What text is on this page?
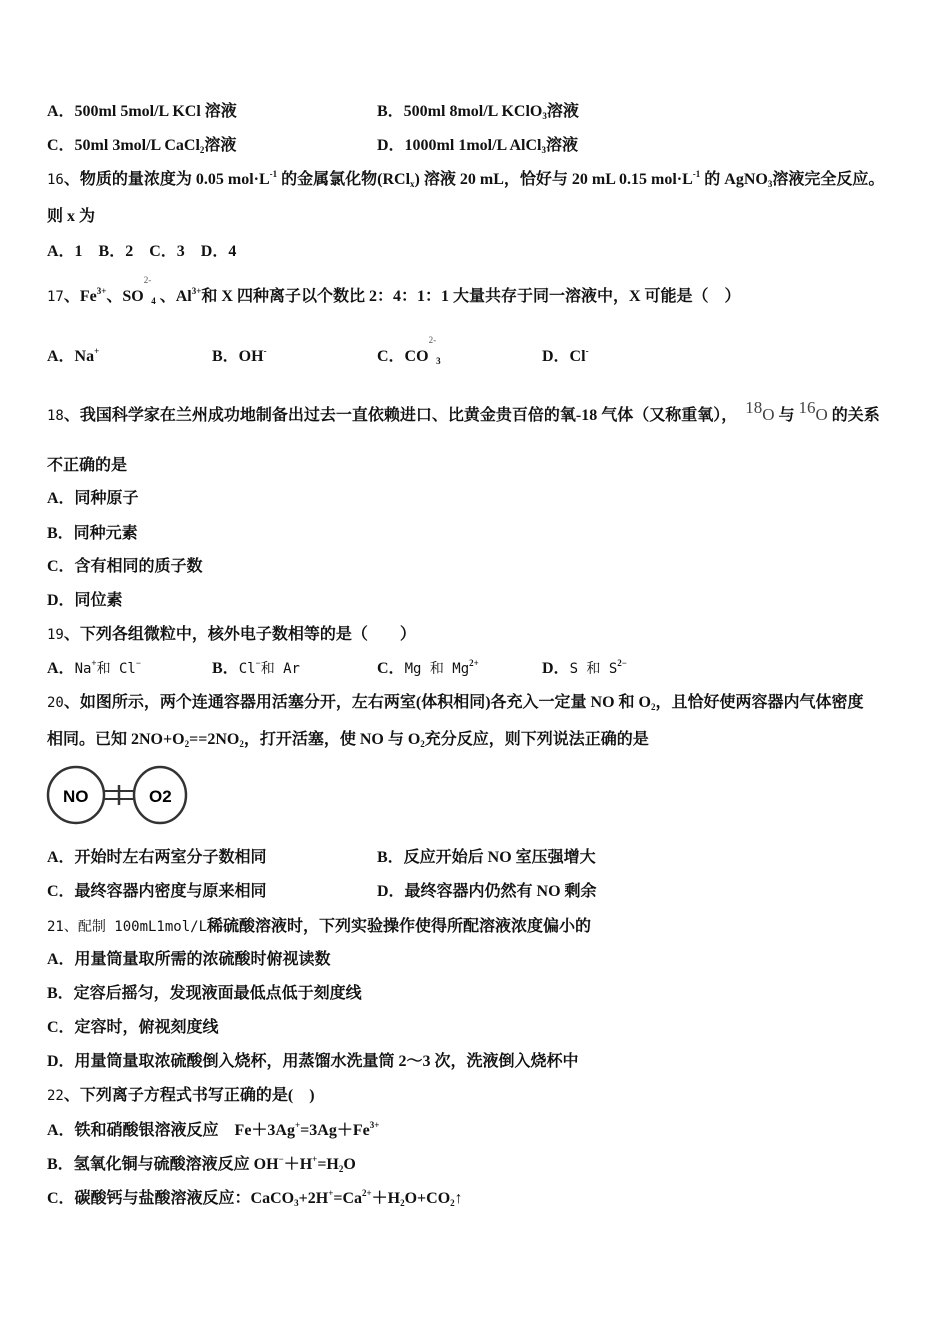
A．500ml 5mol/L KCl 溶液	B．500ml 8mol/L KClO$_3$溶液
C．50ml 3mol/L CaCl$_2$溶液	D．1000ml 1mol/L AlCl$_3$溶液
16、物质的量浓度为 0.05 $mol\cdot L^{-1}$ 的金属氯化物(RCl$_x$) 溶液 20 mL，恰好与 20 mL 0.15 $mol\cdot L^{-1}$ 的 AgNO$_3$溶液完全反应。
则 x 为
A．1　B．2　C．3　D．4
17、$Fe^{3+}$、$SO^{2-}_4$ 、$Al^{3+}$和 X 四种离子以个数比 2：4：1：1 大量共存于同一溶液中，X 可能是（　）
A．Na+	B．OH-	C．$CO^{2-}_3$	D．Cl-
18、我国科学家在兰州成功地制备出过去一直依赖进口、比黄金贵百倍的氧-18 气体（又称重氧），　$^{18}$O 与 $^{16}$O 的关系
不正确的是
A．同种原子
B．同种元素
C．含有相同的质子数
D．同位素
19、下列各组微粒中，核外电子数相等的是（　　）
A．Na+和 Cl−	B．Cl−和 Ar	C．Mg 和 $Mg^{2+}$	D．S 和 $S^{2-}$
20、如图所示，两个连通容器用活塞分开，左右两室(体积相同)各充入一定量 NO 和 $O_2$，且恰好使两容器内气体密度
相同。已知 $2NO+O_2==2NO_2$，打开活塞，使 NO 与 $O_2$充分反应，则下列说法正确的是
NO	O2
A．开始时左右两室分子数相同	B．反应开始后 NO 室压强增大
C．最终容器内密度与原来相同	D．最终容器内仍然有 NO 剩余
21、配制 100mL1mol/L稀硫酸溶液时，下列实验操作使得所配溶液浓度偏小的
A．用量筒量取所需的浓硫酸时俯视读数
B．定容后摇匀，发现液面最低点低于刻度线
C．定容时，俯视刻度线
D．用量筒量取浓硫酸倒入烧杯，用蒸馏水洗量筒 2～3 次，洗液倒入烧杯中
22、下列离子方程式书写正确的是(　)
A．铁和硝酸银溶液反应　$Fe+3Ag^+=3Ag+Fe^{3+}$
B．氢氧化铜与硫酸溶液反应 $OH^-+H^+=H_2O$
C．碳酸钙与盐酸溶液反应：$CaCO_3+2H^+=Ca^{2+}+H_2O+CO_2↑$
